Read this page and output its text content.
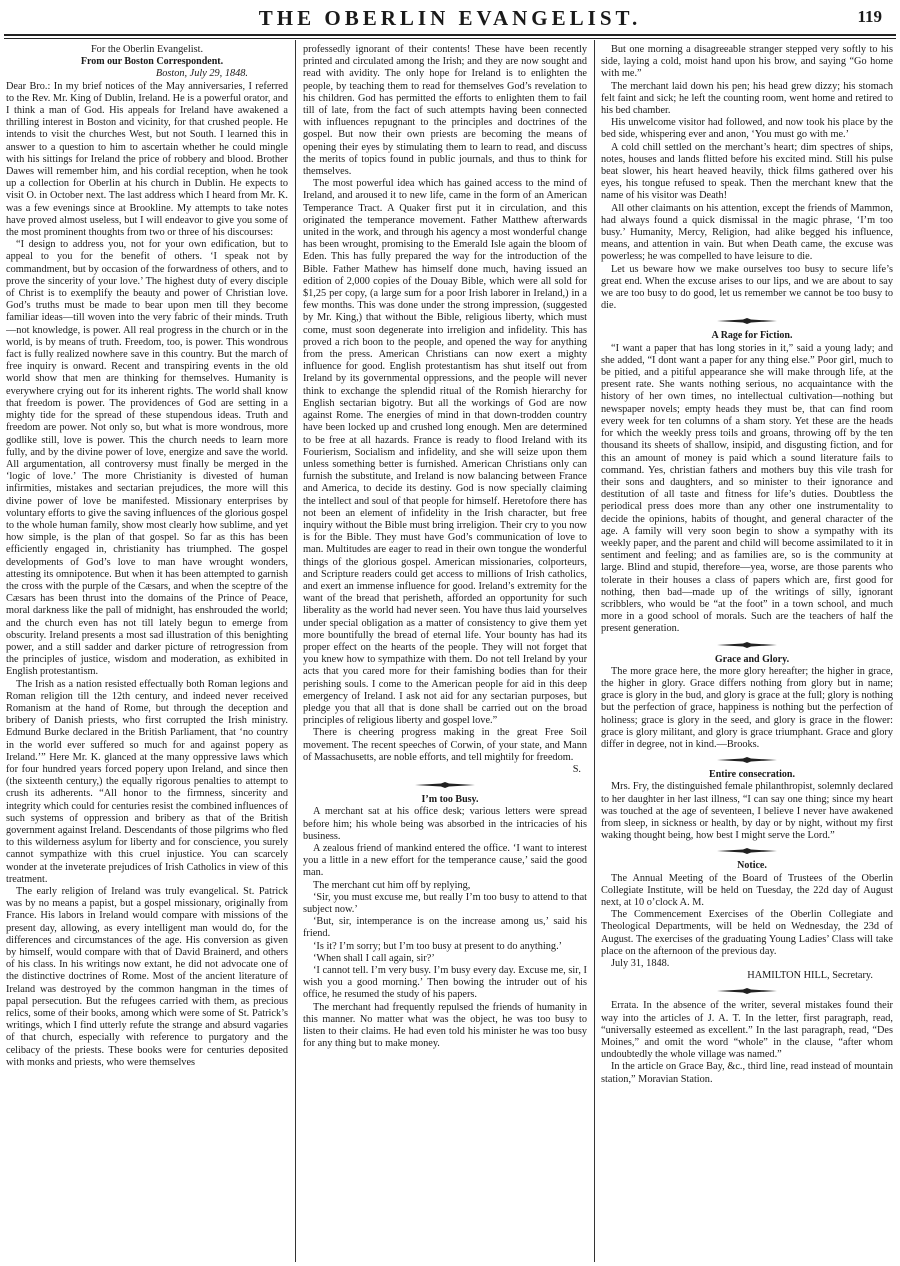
THE OBERLIN EVANGELIST.	119

For the Oberlin Evangelist.

From our Boston Correspondent.

Boston, July 29, 1848.

Dear Bro.: In my brief notices of the May anniversaries, I referred to the Rev. Mr. King of Dublin, Ireland. He is a powerful orator, and I think a man of God. His appeals for Ireland have awakened a thrilling interest in Boston and vicinity, for that crushed people. He intends to visit the churches West, but not South. I learned this in answer to a question to him to ascertain whether he could mingle with his sittings for Ireland the price of robbery and blood. Brother Dawes will remember him, and his cordial reception, when he took up a collection for Oberlin at his church in Dublin. He expects to visit O. in October next. The last address which I heard from Mr. K. was a few evenings since at Brookline. My attempts to take notes have proved almost useless, but I will endeavor to give you some of the most prominent thoughts from two or three of his discourses:

“I design to address you, not for your own edification, but to appeal to you for the benefit of others. ‘I speak not by commandment, but by occasion of the forwardness of others, and to prove the sincerity of your love.’ The highest duty of every disciple of Christ is to exemplify the beauty and power of Christian love. God’s truths must be made to bear upon men till they become familiar ideas—till woven into the very fabric of their minds. Truth—not knowledge, is power. All real progress in the church or in the world, is by means of truth. Freedom, too, is power. This wondrous fact is fully realized nowhere save in this country. But the march of free inquiry is onward. Recent and transpiring events in the old world show that men are thinking for themselves. Humanity is everywhere crying out for its inherent rights. The world shall know that freedom is power. The providences of God are setting in a mighty tide for the spread of these stupendous ideas. Truth and freedom are power. Not only so, but what is more wondrous, more godlike still, love is power. This the church needs to learn more fully, and by the divine power of love, energize and save the world. All argumentation, all controversy must finally be merged in the ‘logic of love.’ The more Christianity is divested of human infirmities, mistakes and sectarian prejudices, the more will this divine power of love be manifested. Missionary enterprises by voluntary efforts to give the saving influences of the glorious gospel to the whole human family, show most clearly how sublime, and yet how simple, is the plan of that gospel. So far as this has been efficiently engaged in, christianity has triumphed. The gospel developments of God’s love to man have wrought wonders, attesting its omnipotence. But when it has been attempted to garnish the cross with the purple of the Cæsars, and when the sceptre of the Cæsars has been thrust into the domains of the Prince of Peace, moral darkness like the pall of midnight, has enshrouded the world; and the church even has not till lately begun to emerge from obscurity. Ireland presents a most sad illustration of this benighting power, and a still sadder and darker picture of retrogression from the principles of justice, wisdom and moderation, as exhibited in English protestantism.

The Irish as a nation resisted effectually both Roman legions and Roman religion till the 12th century, and indeed never received Romanism at the hand of Rome, but through the deception and bribery of Danish priests, who first corrupted the Irish ministry. Edmund Burke declared in the British Parliament, that ‘no country in the world ever suffered so much for and against popery as Ireland.’” Here Mr. K. glanced at the many oppressive laws which for four hundred years forced popery upon Ireland, and since then (the sixteenth century,) the equally rigorous penalties to attempt to crush its adherents. “All honor to the firmness, sincerity and integrity which could for centuries resist the combined influences of such systems of oppression and bribery as that of the British government against Ireland. Descendants of those pilgrims who fled to this wilderness asylum for liberty and for conscience, you surely cannot sympathize with this cruel injustice. You can scarcely wonder at the inveterate prejudices of Irish Catholics in view of this treatment.

The early religion of Ireland was truly evangelical. St. Patrick was by no means a papist, but a gospel missionary, originally from France. His labors in Ireland would compare with missions of the present day, allowing, as every intelligent man would do, for the differences and circumstances of the age. His conversion as given by himself, would compare with that of David Brainerd, and others of his class. In his writings now extant, he did not advocate one of the distinctive doctrines of Rome. Most of the ancient literature of Ireland was destroyed by the common hangman in the times of papal persecution. But the refugees carried with them, as precious relics, some of their books, among which were some of St. Patrick’s writings, which I find utterly refute the strange and absurd vagaries of that church, especially with reference to purgatory and the celibacy of the priests. These books were for centuries deposited with monks and priests, who were themselves

professedly ignorant of their contents! These have been recently printed and circulated among the Irish; and they are now sought and read with avidity. The only hope for Ireland is to enlighten the people, by teaching them to read for themselves God’s revelation to his children. God has permitted the efforts to enlighten them to fail till of late, from the fact of such attempts having been connected with influences repugnant to the principles and doctrines of the gospel. But now their own priests are becoming the means of opening their eyes by stimulating them to learn to read, and discuss the merits of topics found in public journals, and thus to think for themselves.

The most powerful idea which has gained access to the mind of Ireland, and aroused it to new life, came in the form of an American Temperance Tract. A Quaker first put it in circulation, and this originated the temperance movement. Father Matthew afterwards united in the work, and through his agency a most wonderful change has been wrought, promising to the Emerald Isle again the bloom of Eden. This has fully prepared the way for the introduction of the Bible. Father Mathew has himself done much, having issued an edition of 2,000 copies of the Douay Bible, which were all sold for $1,25 per copy, (a large sum for a poor Irish laborer in Ireland,) in a few months. This was done under the strong impression, (suggested by Mr. King,) that without the Bible, religious liberty, which must come, must soon degenerate into irreligion and infidelity. This has proved a rich boon to the people, and opened the way for anything from the press. American Christians can now exert a mighty influence for good. English protestantism has shut itself out from Ireland by its governmental oppressions, and the people will never think to exchange the splendid ritual of the Romish hierarchy for English sectarian bigotry. But all the workings of God are now against Rome. The energies of mind in that down-trodden country have been locked up and crushed long enough. Men are determined to be free at all hazards. France is ready to flood Ireland with its Fourierism, Socialism and infidelity, and she will seize upon them unless something better is furnished. American Christians only can furnish the substitute, and Ireland is now balancing between France and America, to decide its destiny. God is now specially claiming the intellect and soul of that people for himself. Heretofore there has not been an element of infidelity in the Irish character, but free inquiry without the Bible must bring irreligion. Their cry to you now is for the Bible. They must have God’s communication of love to man. Multitudes are eager to read in their own tongue the wonderful things of the glorious gospel. American missionaries, colporteurs, and Scripture readers could get access to millions of Irish catholics, and exert an immense influence for good. Ireland’s extremity for the want of the bread that perisheth, afforded an opportunity for such liberality as the world had never seen. You have thus laid yourselves under special obligation as a matter of consistency to give them yet more bountifully the bread of eternal life. Your bounty has had its proper effect on the hearts of the people. They will not forget that you knew how to sympathize with them. Do not tell Ireland by your acts that you cared more for their famishing bodies than for their perishing souls. I come to the American people for aid in this deep emergency of Ireland. I ask not aid for any sectarian purposes, but pledge you that all that is done shall be carried out on the broad principles of religious liberty and gospel love.”

There is cheering progress making in the great Free Soil movement. The recent speeches of Corwin, of your state, and Mann of Massachusetts, are noble efforts, and tell mightily for freedom.

S.

I’m too Busy.

A merchant sat at his office desk; various letters were spread before him; his whole being was absorbed in the intricacies of his business.

A zealous friend of mankind entered the office. ‘I want to interest you a little in a new effort for the temperance cause,’ said the good man.

The merchant cut him off by replying,

‘Sir, you must excuse me, but really I’m too busy to attend to that subject now.’

‘But, sir, intemperance is on the increase among us,’ said his friend.

‘Is it? I’m sorry; but I’m too busy at present to do anything.’

‘When shall I call again, sir?’

‘I cannot tell. I’m very busy. I’m busy every day. Excuse me, sir, I wish you a good morning.’ Then bowing the intruder out of his office, he resumed the study of his papers.

The merchant had frequently repulsed the friends of humanity in this manner. No matter what was the object, he was too busy to listen to their claims. He had even told his minister he was too busy for any thing but to make money.

But one morning a disagreeable stranger stepped very softly to his side, laying a cold, moist hand upon his brow, and saying “Go home with me.”

The merchant laid down his pen; his head grew dizzy; his stomach felt faint and sick; he left the counting room, went home and retired to his bed chamber.

His unwelcome visitor had followed, and now took his place by the bed side, whispering ever and anon, ‘You must go with me.’

A cold chill settled on the merchant’s heart; dim spectres of ships, notes, houses and lands flitted before his excited mind. Still his pulse beat slower, his heart heaved heavily, thick films gathered over his eyes, his tongue refused to speak. Then the merchant knew that the name of his visitor was Death!

All other claimants on his attention, except the friends of Mammon, had always found a quick dismissal in the magic phrase, ‘I’m too busy.’ Humanity, Mercy, Religion, had alike begged his influence, means, and attention in vain. But when Death came, the excuse was powerless; he was compelled to have leisure to die.

Let us beware how we make ourselves too busy to secure life’s great end. When the excuse arises to our lips, and we are about to say we are too busy to do good, let us remember we cannot be too busy to die.

A Rage for Fiction.

“I want a paper that has long stories in it,” said a young lady; and she added, “I dont want a paper for any thing else.” Poor girl, much to be pitied, and a pitiful appearance she will make through life, at the present rate. She wants nothing serious, no acquaintance with the history of her own times, no intellectual cultivation—nothing but newspaper novels; empty heads they must be, that can find room every week for ten columns of a sham story. Yet these are the heads for which the weekly press toils and groans, throwing off by the ten thousand its sheets of shallow, insipid, and disgusting fiction, and for this an amount of money is paid which a sound literature fails to command. Yes, christian fathers and mothers buy this vile trash for their sons and daughters, and so minister to their ignorance and destitution of all taste and fitness for life’s duties. Doubtless the periodical press does more than any other one instrumentality to decide the opinions, habits of thought, and general character of the age. A family will very soon begin to show a sympathy with its weekly paper, and the parent and child will become assimilated to it in sentiment and feeling; and as families are, so is the community at large. Blind and stupid, therefore—yea, worse, are those parents who tolerate in their houses a class of papers which are, first good for nothing, then bad—made up of the writings of silly, ignorant scribblers, who would be “at the foot” in a town school, and much more in a good school of morals. Such are the teachers of half the present generation.

Grace and Glory.

The more grace here, the more glory hereafter; the higher in grace, the higher in glory. Grace differs nothing from glory but in name; grace is glory in the bud, and glory is grace at the full; glory is nothing but the perfection of grace, happiness is nothing but the perfection of holiness; grace is glory in the seed, and glory is grace in the flower: grace is glory militant, and glory is grace triumphant. Grace and glory differ in degree, not in kind.—Brooks.

Entire consecration.

Mrs. Fry, the distinguished female philanthropist, solemnly declared to her daughter in her last illness, “I can say one thing; since my heart was touched at the age of seventeen, I believe I never have awakened from sleep, in sickness or health, by day or by night, without my first waking thought being, how best I might serve the Lord.”

Notice.

The Annual Meeting of the Board of Trustees of the Oberlin Collegiate Institute, will be held on Tuesday, the 22d day of August next, at 10 o’clock A. M.

The Commencement Exercises of the Oberlin Collegiate and Theological Departments, will be held on Wednesday, the 23d of August. The exercises of the graduating Young Ladies’ Class will take place on the afternoon of the previous day.

July 31, 1848.

HAMILTON HILL, Secretary.

Errata. In the absence of the writer, several mistakes found their way into the articles of J. A. T. In the letter, first paragraph, read, “universally esteemed as excellent.” In the last paragraph, read, “Des Moines,” and omit the word “whole” in the clause, “after whom undoubtedly the whole village was named.”

In the article on Grace Bay, &c., third line, read instead of mountain station,” Moravian Station.
